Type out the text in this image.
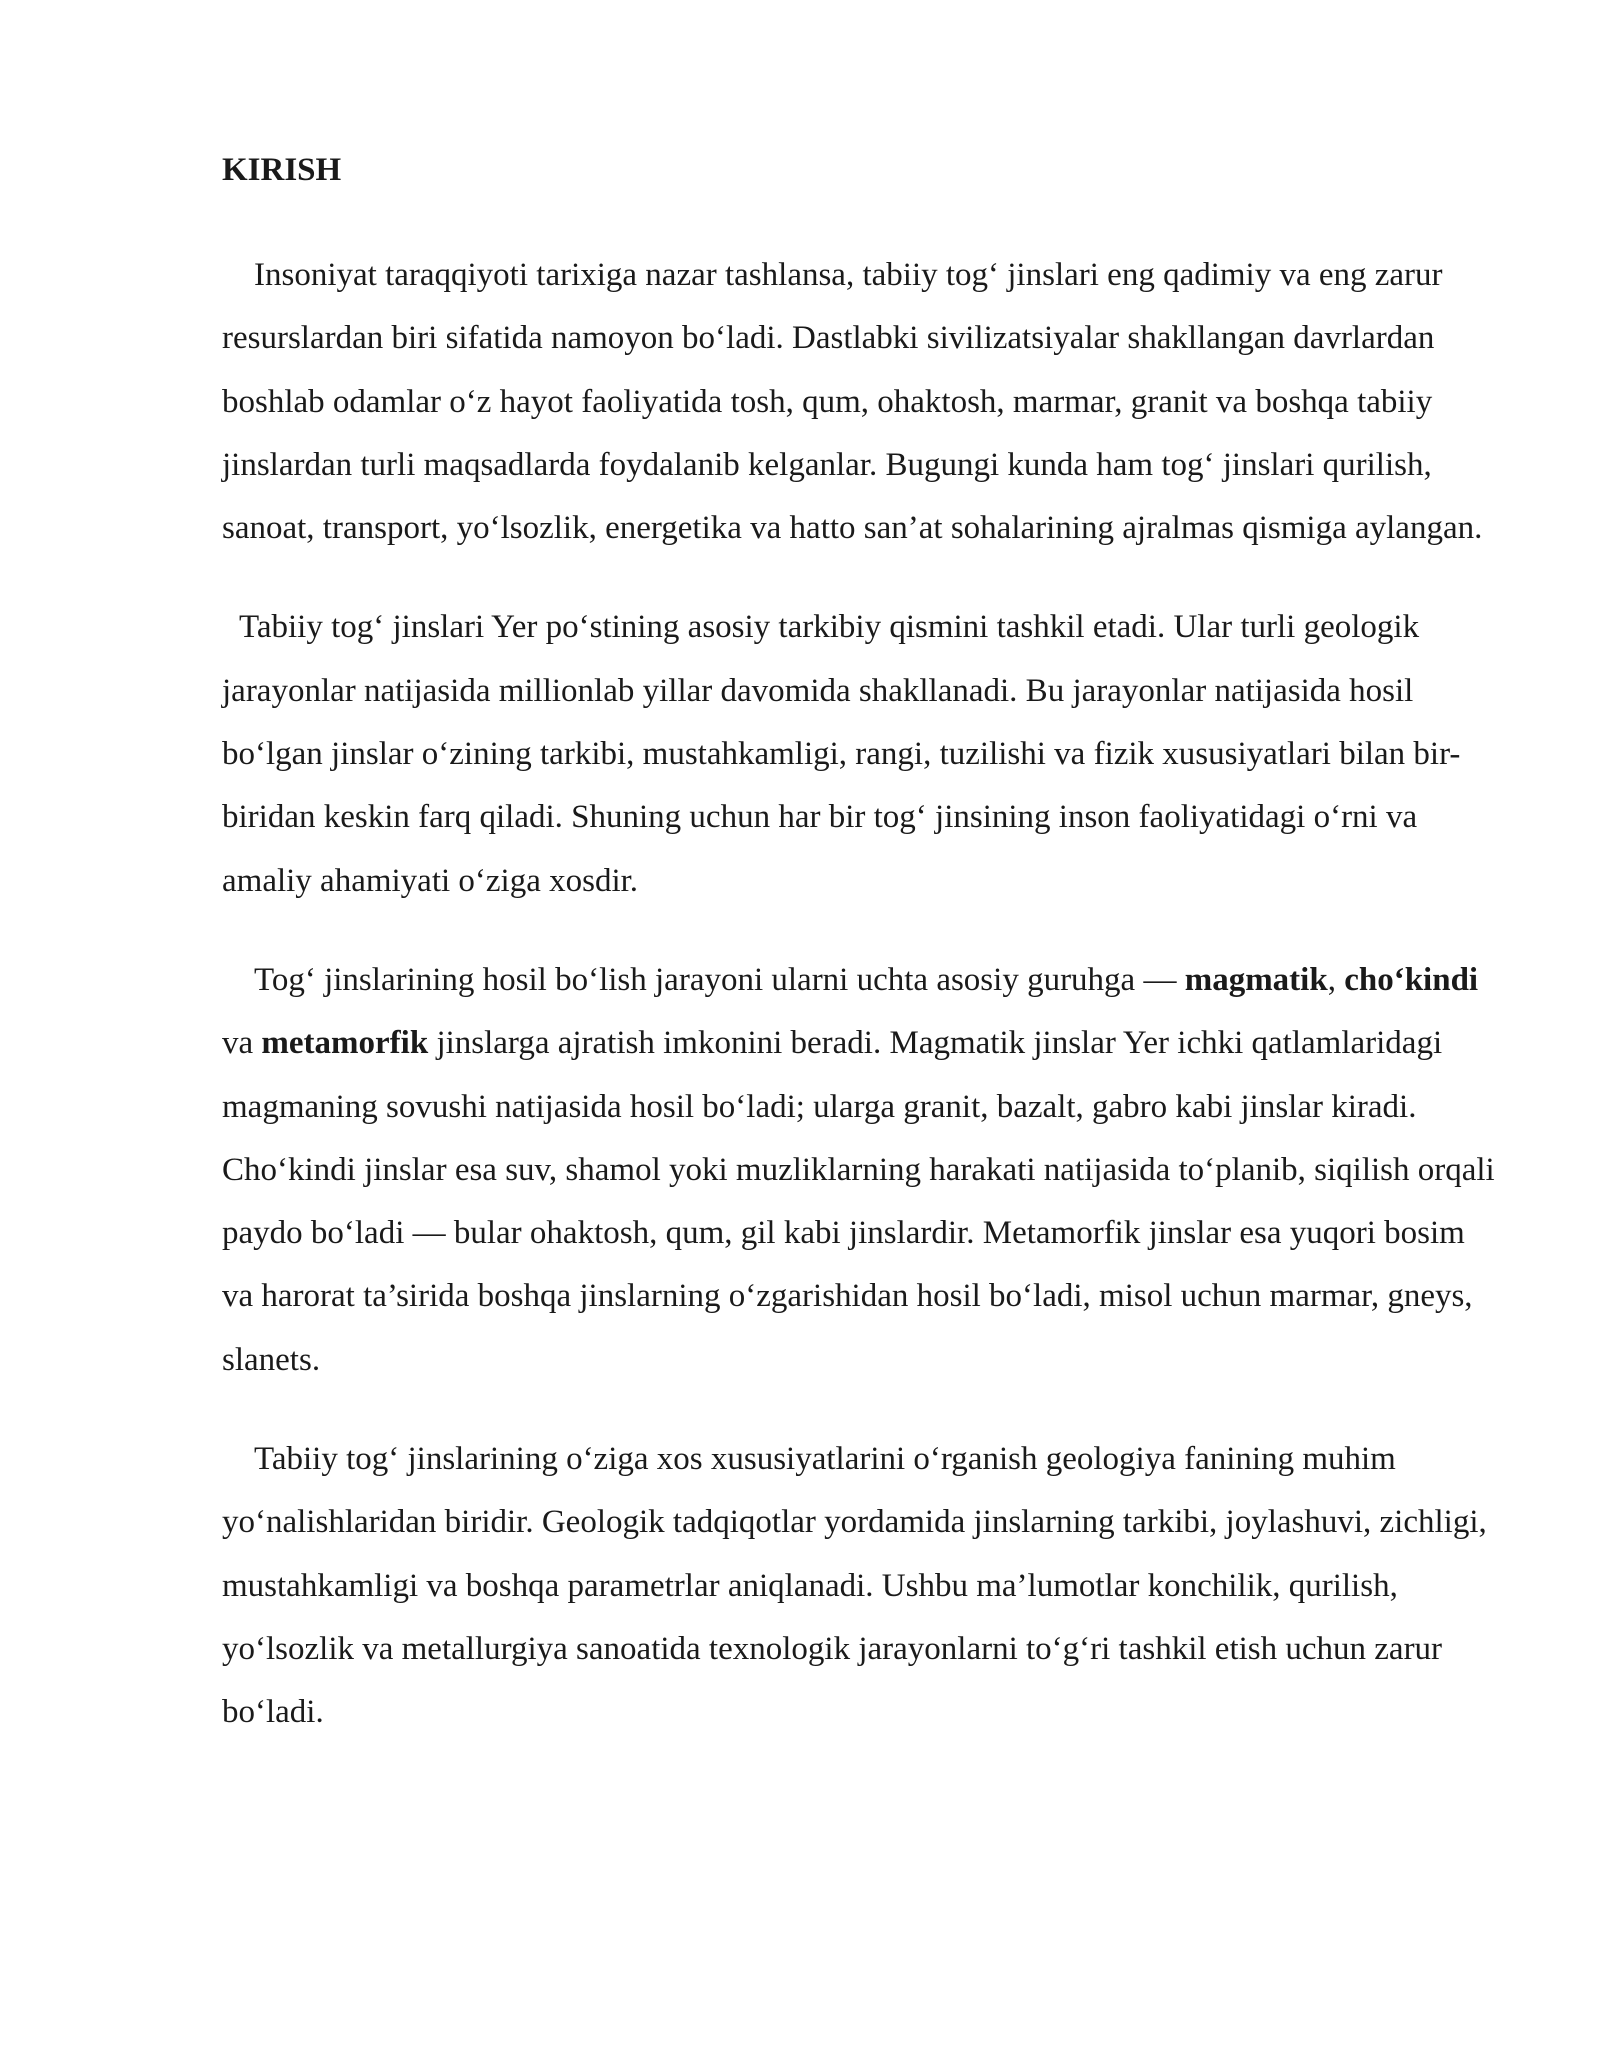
KIRISH

Insoniyat taraqqiyoti tarixiga nazar tashlansa, tabiiy tog‘ jinslari eng qadimiy va eng zarur resurslardan biri sifatida namoyon bo‘ladi. Dastlabki sivilizatsiyalar shakllangan davrlardan boshlab odamlar o‘z hayot faoliyatida tosh, qum, ohaktosh, marmar, granit va boshqa tabiiy jinslardan turli maqsadlarda foydalanib kelganlar. Bugungi kunda ham tog‘ jinslari qurilish, sanoat, transport, yo‘lsozlik, energetika va hatto san’at sohalarining ajralmas qismiga aylangan.

Tabiiy tog‘ jinslari Yer po‘stining asosiy tarkibiy qismini tashkil etadi. Ular turli geologik jarayonlar natijasida millionlab yillar davomida shakllanadi. Bu jarayonlar natijasida hosil bo‘lgan jinslar o‘zining tarkibi, mustahkamligi, rangi, tuzilishi va fizik xususiyatlari bilan bir-biridan keskin farq qiladi. Shuning uchun har bir tog‘ jinsining inson faoliyatidagi o‘rni va amaliy ahamiyati o‘ziga xosdir.

Tog‘ jinslarining hosil bo‘lish jarayoni ularni uchta asosiy guruhga — magmatik, cho‘kindi va metamorfik jinslarga ajratish imkonini beradi. Magmatik jinslar Yer ichki qatlamlaridagi magmaning sovushi natijasida hosil bo‘ladi; ularga granit, bazalt, gabro kabi jinslar kiradi. Cho‘kindi jinslar esa suv, shamol yoki muzliklarning harakati natijasida to‘planib, siqilish orqali paydo bo‘ladi — bular ohaktosh, qum, gil kabi jinslardir. Metamorfik jinslar esa yuqori bosim va harorat ta’sirida boshqa jinslarning o‘zgarishidan hosil bo‘ladi, misol uchun marmar, gneys, slanets.

Tabiiy tog‘ jinslarining o‘ziga xos xususiyatlarini o‘rganish geologiya fanining muhim yo‘nalishlaridan biridir. Geologik tadqiqotlar yordamida jinslarning tarkibi, joylashuvi, zichligi, mustahkamligi va boshqa parametrlar aniqlanadi. Ushbu ma’lumotlar konchilik, qurilish, yo‘lsozlik va metallurgiya sanoatida texnologik jarayonlarni to‘g‘ri tashkil etish uchun zarur bo‘ladi.
